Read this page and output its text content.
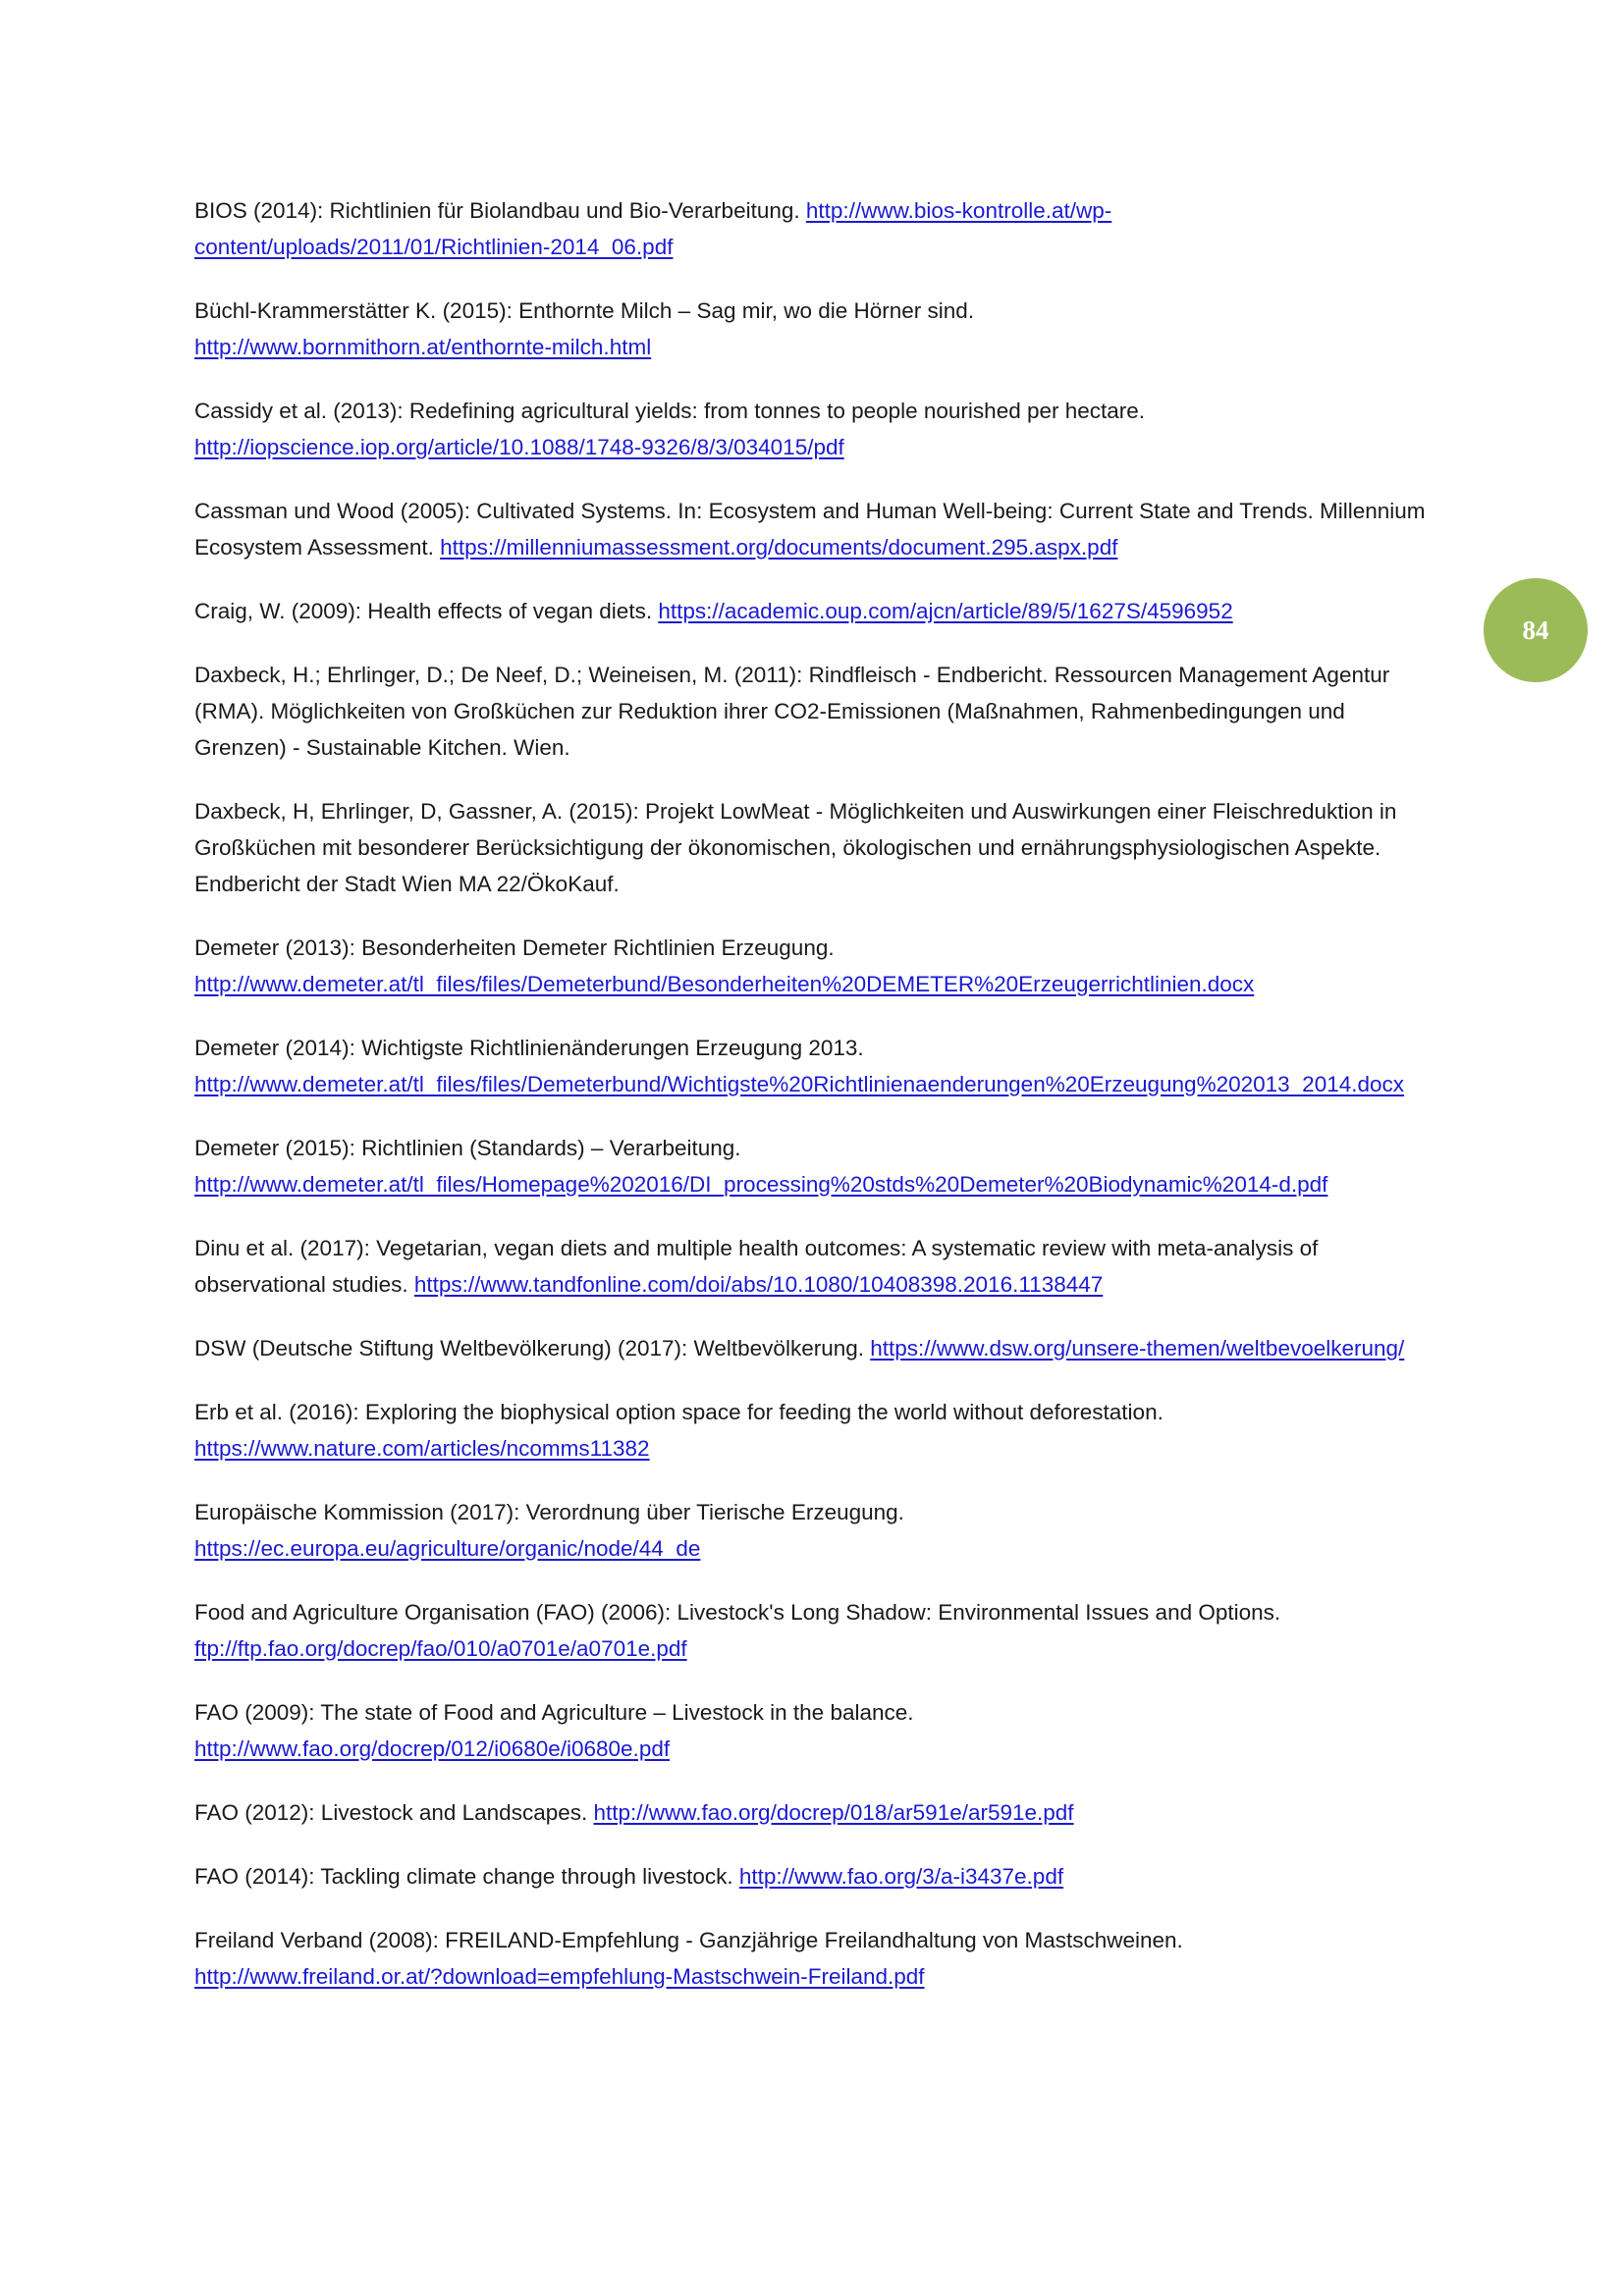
BIOS (2014): Richtlinien für Biolandbau und Bio-Verarbeitung. http://www.bios-kontrolle.at/wp-content/uploads/2011/01/Richtlinien-2014_06.pdf

Büchl-Krammerstätter K. (2015): Enthornte Milch – Sag mir, wo die Hörner sind.
http://www.bornmithorn.at/enthornte-milch.html

Cassidy et al. (2013): Redefining agricultural yields: from tonnes to people nourished per hectare.
http://iopscience.iop.org/article/10.1088/1748-9326/8/3/034015/pdf

Cassman und Wood (2005): Cultivated Systems. In: Ecosystem and Human Well-being: Current State and Trends. Millennium Ecosystem Assessment. https://millenniumassessment.org/documents/document.295.aspx.pdf

Craig, W. (2009): Health effects of vegan diets. https://academic.oup.com/ajcn/article/89/5/1627S/4596952

Daxbeck, H.; Ehrlinger, D.; De Neef, D.; Weineisen, M. (2011): Rindfleisch - Endbericht. Ressourcen Management Agentur (RMA). Möglichkeiten von Großküchen zur Reduktion ihrer CO2-Emissionen (Maßnahmen, Rahmenbedingungen und Grenzen) - Sustainable Kitchen. Wien.

Daxbeck, H, Ehrlinger, D, Gassner, A. (2015): Projekt LowMeat - Möglichkeiten und Auswirkungen einer Fleischreduktion in Großküchen mit besonderer Berücksichtigung der ökonomischen, ökologischen und ernährungsphysiologischen Aspekte. Endbericht der Stadt Wien MA 22/ÖkoKauf.

Demeter (2013): Besonderheiten Demeter Richtlinien Erzeugung.
http://www.demeter.at/tl_files/files/Demeterbund/Besonderheiten%20DEMETER%20Erzeugerrichtlinien.docx

Demeter (2014): Wichtigste Richtlinienänderungen Erzeugung 2013.
http://www.demeter.at/tl_files/files/Demeterbund/Wichtigste%20Richtlinienaenderungen%20Erzeugung%202013_2014.docx

Demeter (2015): Richtlinien (Standards) – Verarbeitung.
http://www.demeter.at/tl_files/Homepage%202016/DI_processing%20stds%20Demeter%20Biodynamic%2014-d.pdf

Dinu et al. (2017): Vegetarian, vegan diets and multiple health outcomes: A systematic review with meta-analysis of observational studies. https://www.tandfonline.com/doi/abs/10.1080/10408398.2016.1138447

DSW (Deutsche Stiftung Weltbevölkerung) (2017): Weltbevölkerung. https://www.dsw.org/unsere-themen/weltbevoelkerung/

Erb et al. (2016): Exploring the biophysical option space for feeding the world without deforestation.
https://www.nature.com/articles/ncomms11382

Europäische Kommission (2017): Verordnung über Tierische Erzeugung.
https://ec.europa.eu/agriculture/organic/node/44_de

Food and Agriculture Organisation (FAO) (2006): Livestock's Long Shadow: Environmental Issues and Options.
ftp://ftp.fao.org/docrep/fao/010/a0701e/a0701e.pdf

FAO (2009): The state of Food and Agriculture – Livestock in the balance.
http://www.fao.org/docrep/012/i0680e/i0680e.pdf

FAO (2012): Livestock and Landscapes. http://www.fao.org/docrep/018/ar591e/ar591e.pdf

FAO (2014): Tackling climate change through livestock. http://www.fao.org/3/a-i3437e.pdf

Freiland Verband (2008): FREILAND-Empfehlung - Ganzjährige Freilandhaltung von Mastschweinen.
http://www.freiland.or.at/?download=empfehlung-Mastschwein-Freiland.pdf

84
